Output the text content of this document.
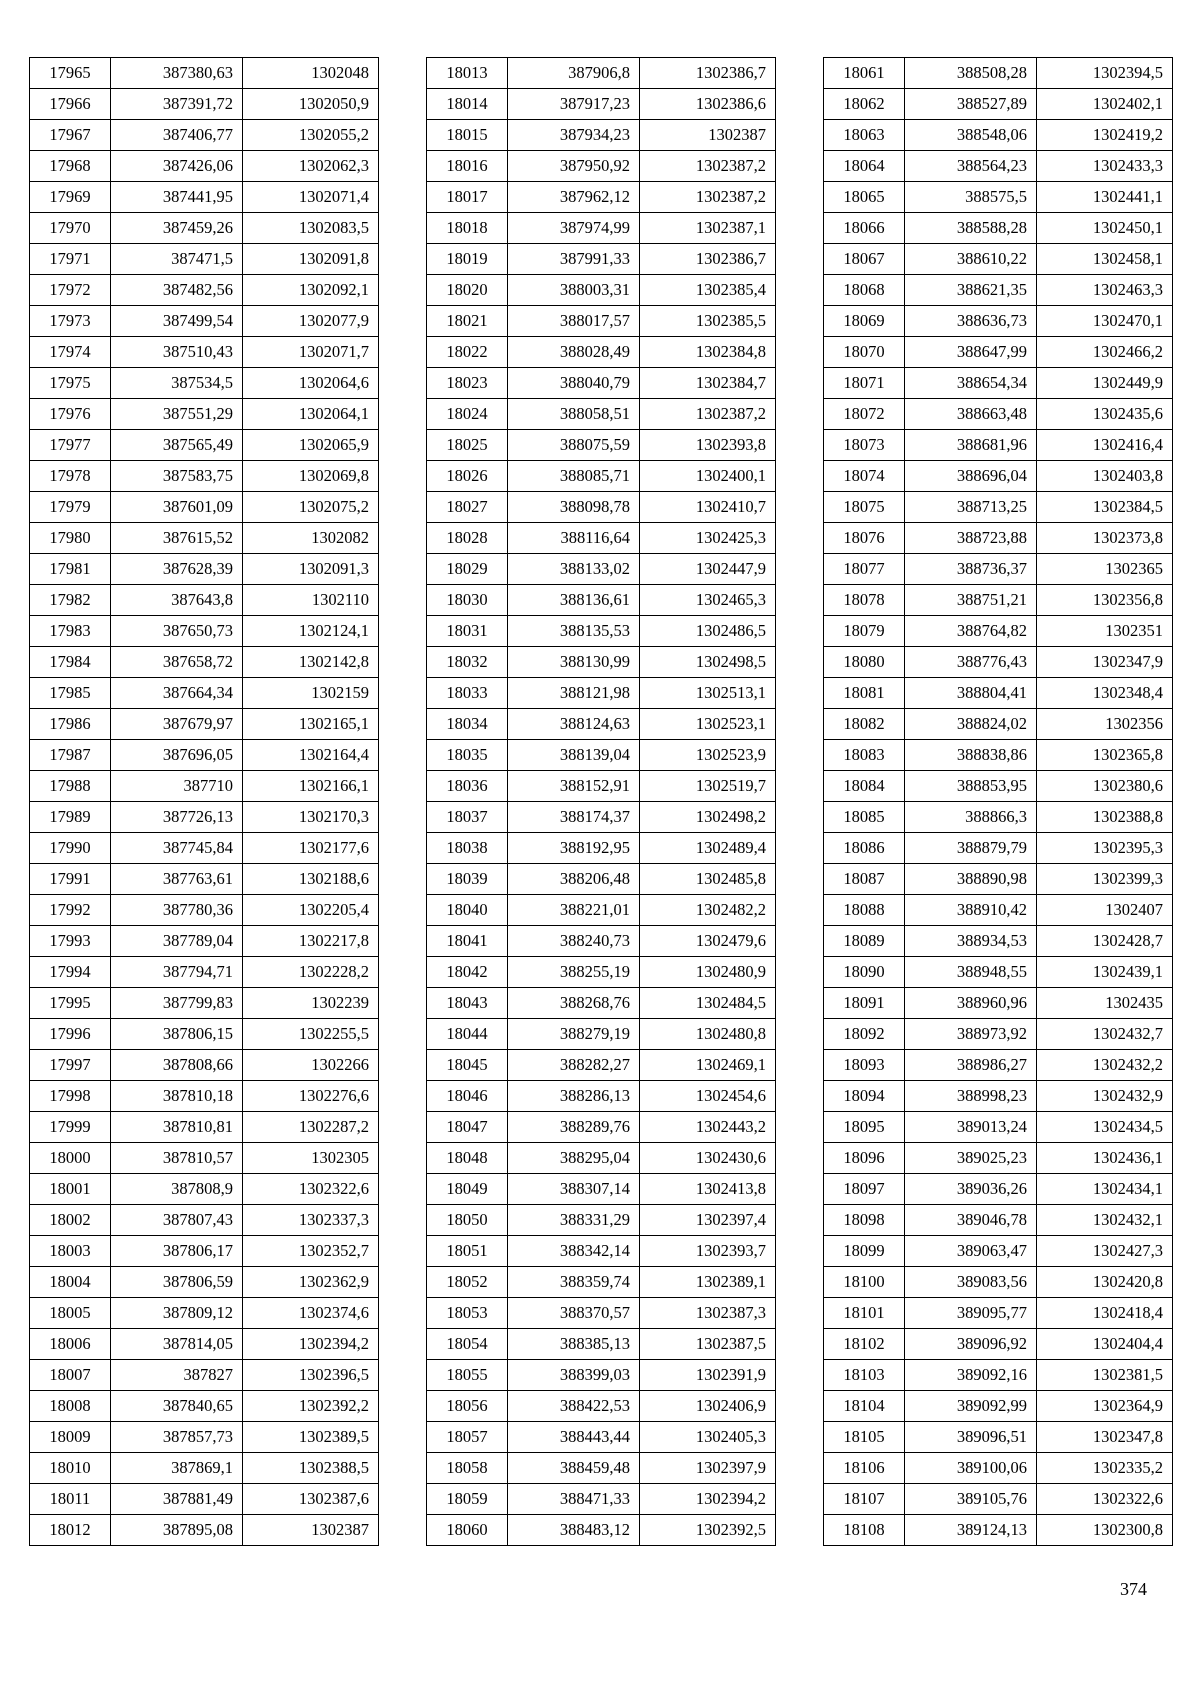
17965	387380,63	1302048
17966	387391,72	1302050,9
17967	387406,77	1302055,2
17968	387426,06	1302062,3
17969	387441,95	1302071,4
17970	387459,26	1302083,5
17971	387471,5	1302091,8
17972	387482,56	1302092,1
17973	387499,54	1302077,9
17974	387510,43	1302071,7
17975	387534,5	1302064,6
17976	387551,29	1302064,1
17977	387565,49	1302065,9
17978	387583,75	1302069,8
17979	387601,09	1302075,2
17980	387615,52	1302082
17981	387628,39	1302091,3
17982	387643,8	1302110
17983	387650,73	1302124,1
17984	387658,72	1302142,8
17985	387664,34	1302159
17986	387679,97	1302165,1
17987	387696,05	1302164,4
17988	387710	1302166,1
17989	387726,13	1302170,3
17990	387745,84	1302177,6
17991	387763,61	1302188,6
17992	387780,36	1302205,4
17993	387789,04	1302217,8
17994	387794,71	1302228,2
17995	387799,83	1302239
17996	387806,15	1302255,5
17997	387808,66	1302266
17998	387810,18	1302276,6
17999	387810,81	1302287,2
18000	387810,57	1302305
18001	387808,9	1302322,6
18002	387807,43	1302337,3
18003	387806,17	1302352,7
18004	387806,59	1302362,9
18005	387809,12	1302374,6
18006	387814,05	1302394,2
18007	387827	1302396,5
18008	387840,65	1302392,2
18009	387857,73	1302389,5
18010	387869,1	1302388,5
18011	387881,49	1302387,6
18012	387895,08	1302387
18013	387906,8	1302386,7
18014	387917,23	1302386,6
18015	387934,23	1302387
18016	387950,92	1302387,2
18017	387962,12	1302387,2
18018	387974,99	1302387,1
18019	387991,33	1302386,7
18020	388003,31	1302385,4
18021	388017,57	1302385,5
18022	388028,49	1302384,8
18023	388040,79	1302384,7
18024	388058,51	1302387,2
18025	388075,59	1302393,8
18026	388085,71	1302400,1
18027	388098,78	1302410,7
18028	388116,64	1302425,3
18029	388133,02	1302447,9
18030	388136,61	1302465,3
18031	388135,53	1302486,5
18032	388130,99	1302498,5
18033	388121,98	1302513,1
18034	388124,63	1302523,1
18035	388139,04	1302523,9
18036	388152,91	1302519,7
18037	388174,37	1302498,2
18038	388192,95	1302489,4
18039	388206,48	1302485,8
18040	388221,01	1302482,2
18041	388240,73	1302479,6
18042	388255,19	1302480,9
18043	388268,76	1302484,5
18044	388279,19	1302480,8
18045	388282,27	1302469,1
18046	388286,13	1302454,6
18047	388289,76	1302443,2
18048	388295,04	1302430,6
18049	388307,14	1302413,8
18050	388331,29	1302397,4
18051	388342,14	1302393,7
18052	388359,74	1302389,1
18053	388370,57	1302387,3
18054	388385,13	1302387,5
18055	388399,03	1302391,9
18056	388422,53	1302406,9
18057	388443,44	1302405,3
18058	388459,48	1302397,9
18059	388471,33	1302394,2
18060	388483,12	1302392,5
18061	388508,28	1302394,5
18062	388527,89	1302402,1
18063	388548,06	1302419,2
18064	388564,23	1302433,3
18065	388575,5	1302441,1
18066	388588,28	1302450,1
18067	388610,22	1302458,1
18068	388621,35	1302463,3
18069	388636,73	1302470,1
18070	388647,99	1302466,2
18071	388654,34	1302449,9
18072	388663,48	1302435,6
18073	388681,96	1302416,4
18074	388696,04	1302403,8
18075	388713,25	1302384,5
18076	388723,88	1302373,8
18077	388736,37	1302365
18078	388751,21	1302356,8
18079	388764,82	1302351
18080	388776,43	1302347,9
18081	388804,41	1302348,4
18082	388824,02	1302356
18083	388838,86	1302365,8
18084	388853,95	1302380,6
18085	388866,3	1302388,8
18086	388879,79	1302395,3
18087	388890,98	1302399,3
18088	388910,42	1302407
18089	388934,53	1302428,7
18090	388948,55	1302439,1
18091	388960,96	1302435
18092	388973,92	1302432,7
18093	388986,27	1302432,2
18094	388998,23	1302432,9
18095	389013,24	1302434,5
18096	389025,23	1302436,1
18097	389036,26	1302434,1
18098	389046,78	1302432,1
18099	389063,47	1302427,3
18100	389083,56	1302420,8
18101	389095,77	1302418,4
18102	389096,92	1302404,4
18103	389092,16	1302381,5
18104	389092,99	1302364,9
18105	389096,51	1302347,8
18106	389100,06	1302335,2
18107	389105,76	1302322,6
18108	389124,13	1302300,8
374
